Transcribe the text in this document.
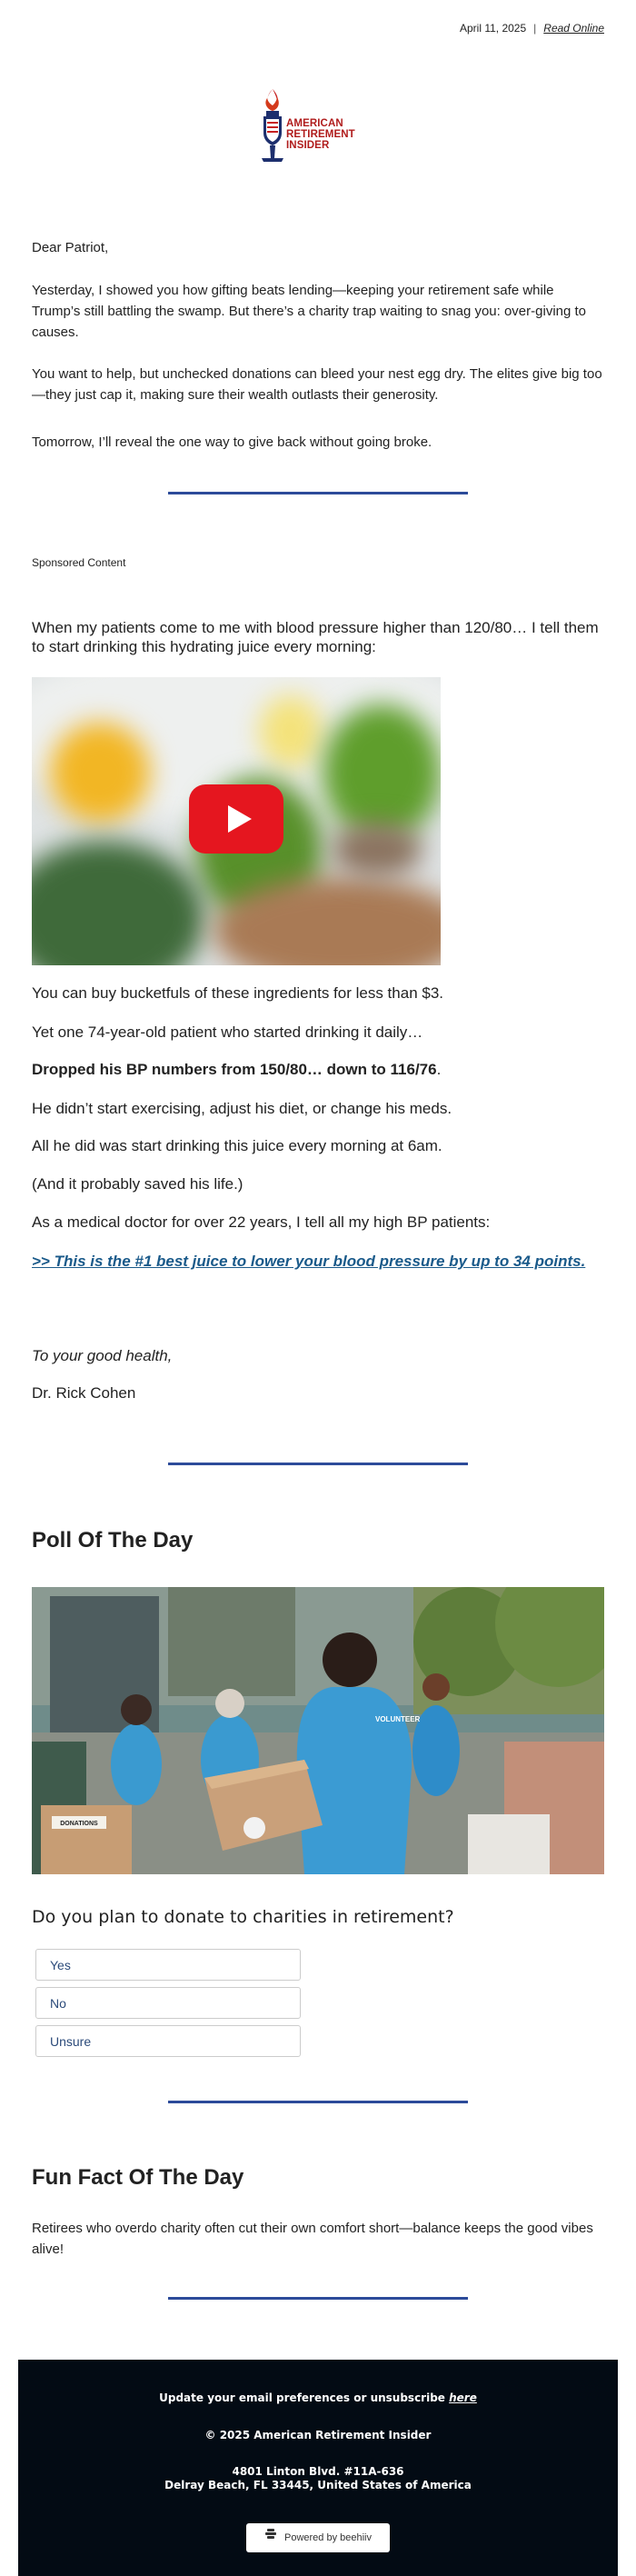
April 11, 2025 | Read Online
AMERICAN
RETIREMENT INSIDER
Dear Patriot,
Yesterday, I showed you how gifting beats lending—keeping your retirement safe while Trump’s still battling the swamp. But there’s a charity trap waiting to snag you: over-giving to causes.
You want to help, but unchecked donations can bleed your nest egg dry. The elites give big too—they just cap it, making sure their wealth outlasts their generosity.
Tomorrow, I’ll reveal the one way to give back without going broke.
Sponsored Content
When my patients come to me with blood pressure higher than 120/80… I tell them to start drinking this hydrating juice every morning:
You can buy bucketfuls of these ingredients for less than $3.
Yet one 74-year-old patient who started drinking it daily…
Dropped his BP numbers from 150/80… down to 116/76.
He didn’t start exercising, adjust his diet, or change his meds.
All he did was start drinking this juice every morning at 6am.
(And it probably saved his life.)
As a medical doctor for over 22 years, I tell all my high BP patients:
>> This is the #1 best juice to lower your blood pressure by up to 34 points.
To your good health,
Dr. Rick Cohen
Poll Of The Day
DONATIONS
VOLUNTEER
Do you plan to donate to charities in retirement?
Yes
No
Unsure
Fun Fact Of The Day
Retirees who overdo charity often cut their own comfort short—balance keeps the good vibes alive!
Update your email preferences or unsubscribe here
© 2025 American Retirement Insider
4801 Linton Blvd. #11A-636
Delray Beach, FL 33445, United States of America
Powered by beehiiv
